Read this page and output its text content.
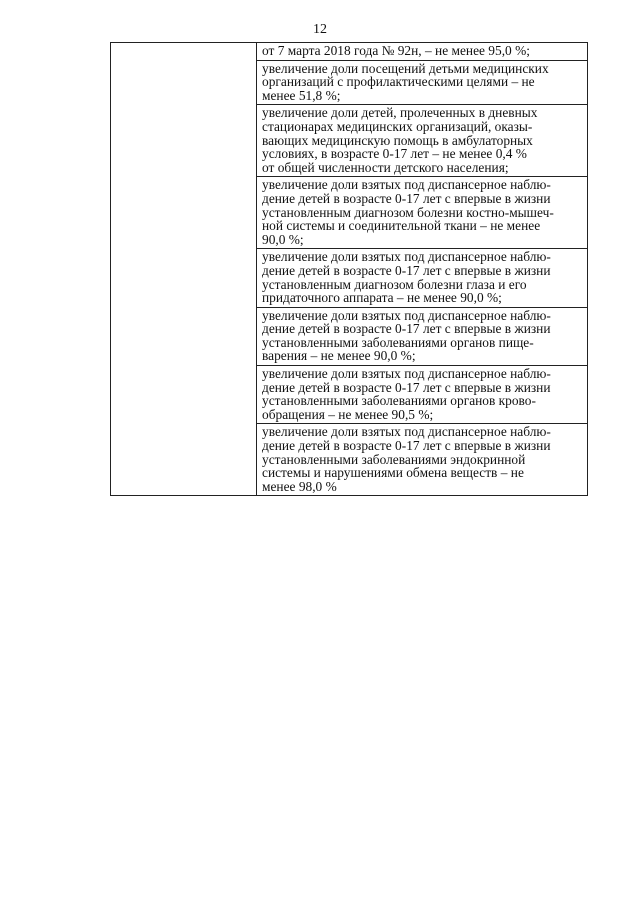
12

от 7 марта 2018 года № 92н, – не менее 95,0 %;
увеличение доли посещений детьми медицинских
организаций с профилактическими целями – не
менее 51,8 %;
увеличение доли детей, пролеченных в дневных
стационарах медицинских организаций, оказы-
вающих медицинскую помощь в амбулаторных
условиях, в возрасте 0-17 лет – не менее 0,4 %
от общей численности детского населения;
увеличение доли взятых под диспансерное наблю-
дение детей в возрасте 0-17 лет с впервые в жизни
установленным диагнозом болезни костно-мышеч-
ной системы и соединительной ткани – не менее
90,0 %;
увеличение доли взятых под диспансерное наблю-
дение детей в возрасте 0-17 лет с впервые в жизни
установленным диагнозом болезни глаза и его
придаточного аппарата – не менее 90,0 %;
увеличение доли взятых под диспансерное наблю-
дение детей в возрасте 0-17 лет с впервые в жизни
установленными заболеваниями органов пище-
варения – не менее 90,0 %;
увеличение доли взятых под диспансерное наблю-
дение детей в возрасте 0-17 лет с впервые в жизни
установленными заболеваниями органов крово-
обращения – не менее 90,5 %;
увеличение доли взятых под диспансерное наблю-
дение детей в возрасте 0-17 лет с впервые в жизни
установленными заболеваниями эндокринной
системы и нарушениями обмена веществ – не
менее 98,0 %
